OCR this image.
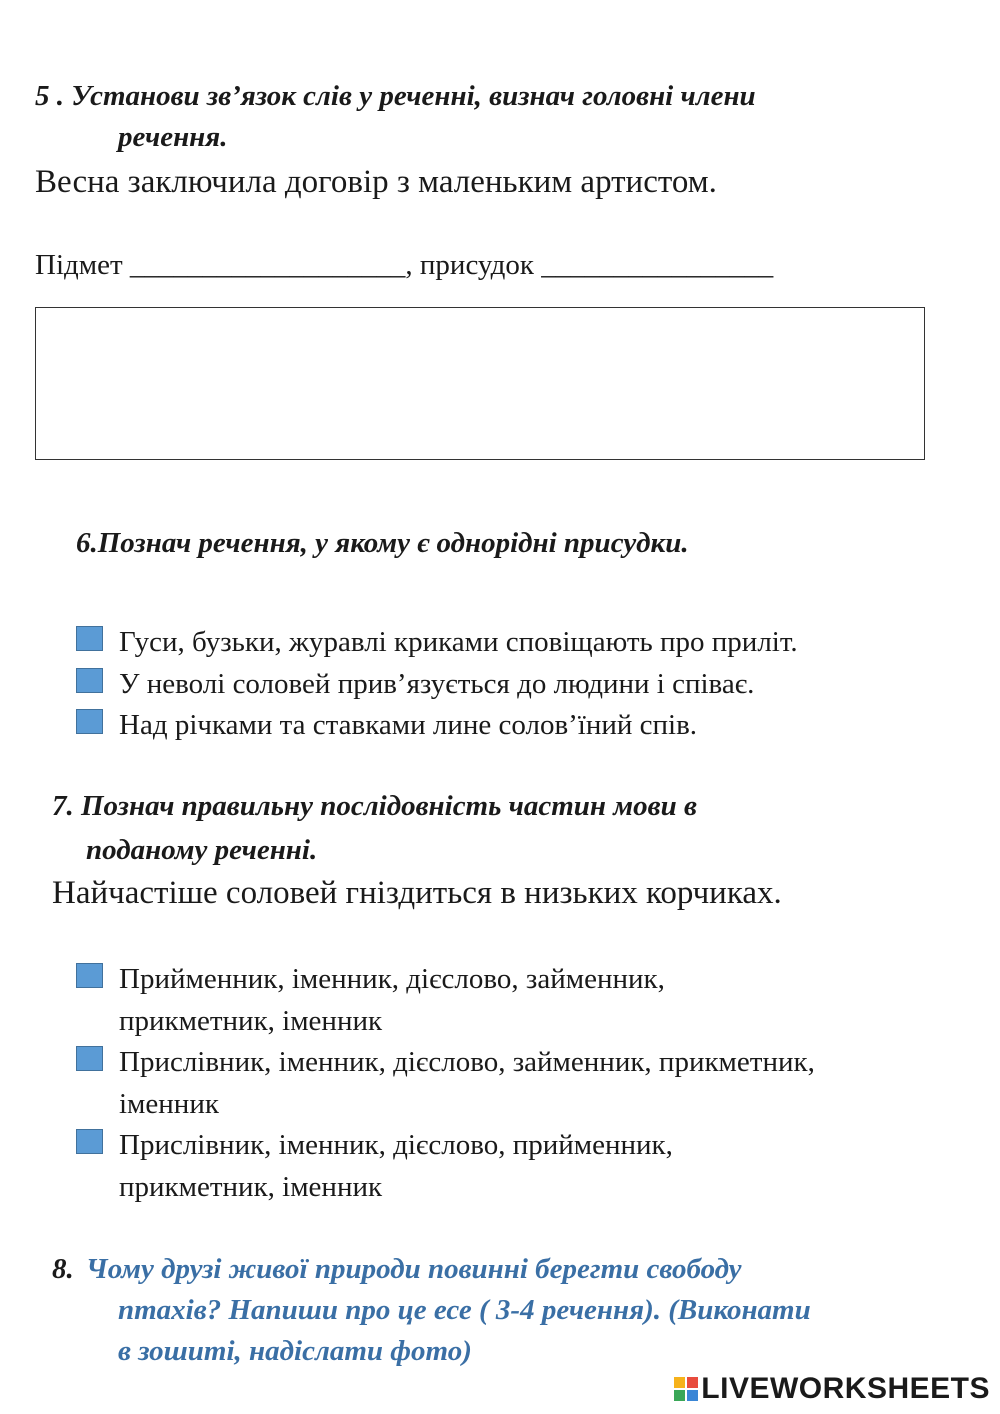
5 . Установи зв’язок слів у реченні, визнач головні члени
речення.
Весна заключила договір з маленьким артистом.
Підмет ___________________, присудок ________________
6.Познач речення, у якому є однорідні присудки.
Гуси, бузьки, журавлі криками сповіщають про приліт.
У неволі соловей прив’язується до людини і співає.
Над річками та ставками лине солов’їний спів.
7. Познач правильну послідовність частин мови в
поданому реченні.
Найчастіше соловей гніздиться в низьких корчиках.
Прийменник, іменник, дієслово, займенник,
прикметник, іменник
Прислівник, іменник, дієслово, займенник, прикметник,
іменник
Прислівник, іменник, дієслово, прийменник,
прикметник, іменник
8. Чому друзі живої природи повинні берегти свободу
птахів? Напиши про це есе ( 3-4 речення). (Виконати
в зошиті, надіслати фото)
LIVEWORKSHEETS
